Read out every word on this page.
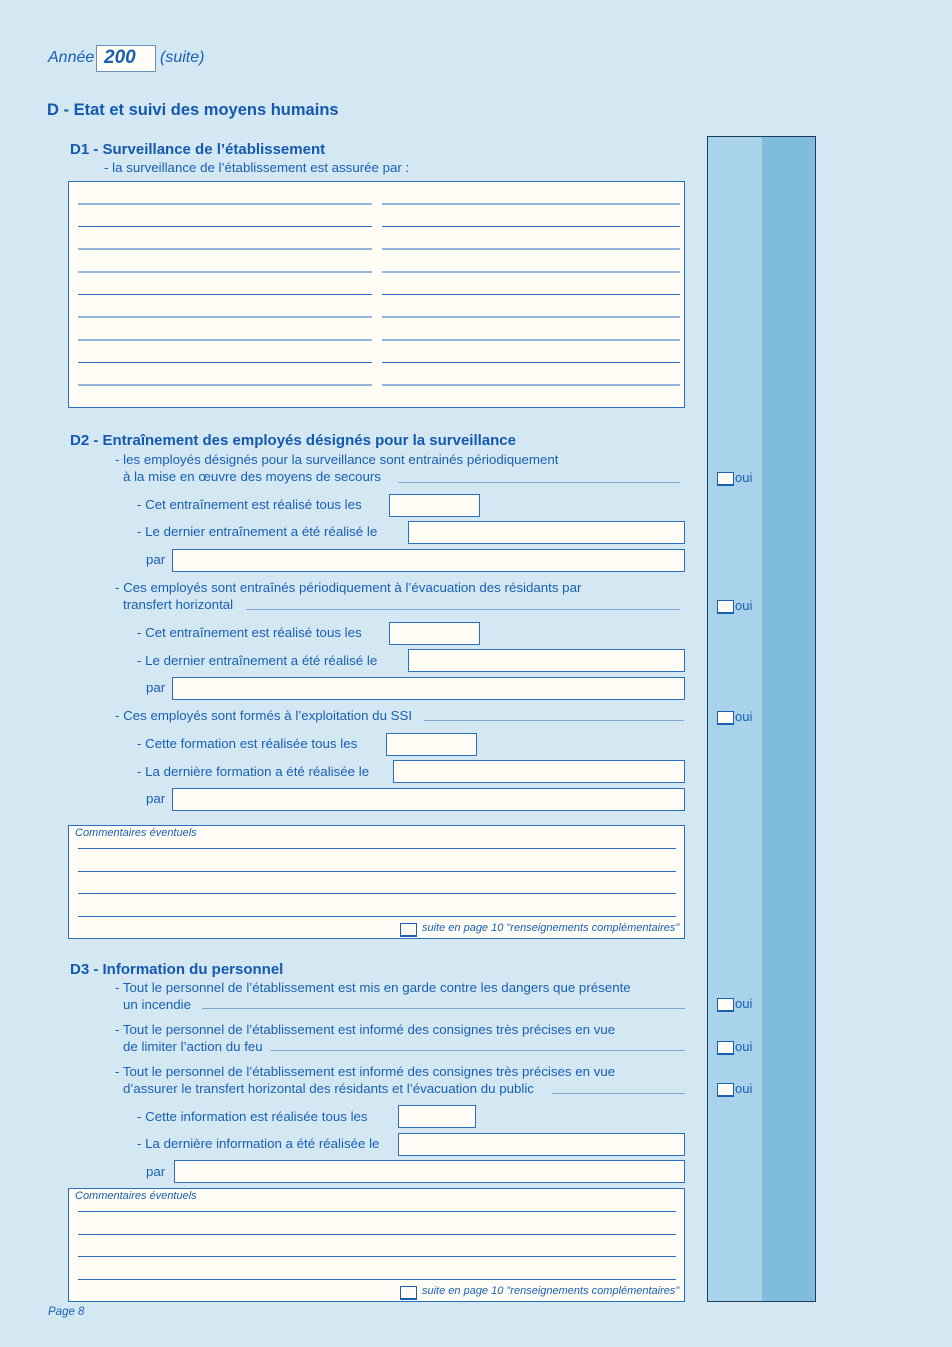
Année 200	(suite)
D - Etat et suivi des moyens humains
D1 - Surveillance de l’établissement
- la surveillance de l’établissement est assurée par :
D2 - Entraînement des employés désignés pour la surveillance
- les employés désignés pour la surveillance sont entrainés périodiquement
à la mise en œuvre des moyens de secours	oui
- Cet entraînement est réalisé tous les
- Le dernier entraînement a été réalisé le
par
- Ces employés sont entraînés périodiquement à l’évacuation des résidants par
transfert horizontal	oui
- Cet entraînement est réalisé tous les
- Le dernier entraînement a été réalisé le
par
- Ces employés sont formés à l’exploitation du SSI	oui
- Cette formation est réalisée tous les
- La dernière formation a été réalisée le
par
Commentaires éventuels
suite en page 10 "renseignements complémentaires"
D3 - Information du personnel
- Tout le personnel de l’établissement est mis en garde contre les dangers que présente
un incendie	oui
- Tout le personnel de l’établissement est informé des consignes très précises en vue
de limiter l’action du feu	oui
- Tout le personnel de l’établissement est informé des consignes très précises en vue
d’assurer le transfert horizontal des résidants et l’évacuation du public	oui
- Cette information est réalisée tous les
- La dernière information a été réalisée le
par
Commentaires éventuels
suite en page 10 "renseignements complémentaires"
Page 8
